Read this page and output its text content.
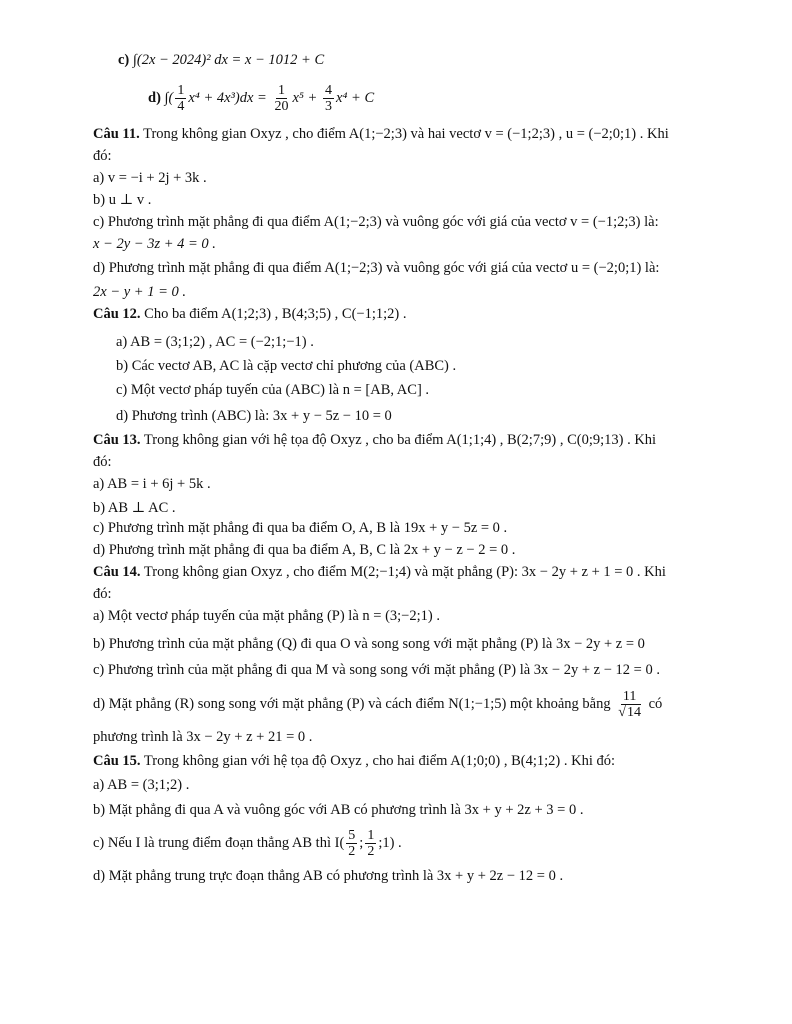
c) ∫(2x − 2024)² dx = x − 1012 + C
d) ∫( $\frac{1}{4} x^4 + 4x^3)dx = \frac{1}{20} x^5 + \frac{4}{3} x^4 + C$
Câu 11. Trong không gian Oxyz , cho điểm A(1;−2;3) và hai vectơ v = (−1;2;3) , u = (−2;0;1) . Khi
đó:
a) v = −i + 2j + 3k .
b) u ⊥ v .
c) Phương trình mặt phẳng đi qua điểm A(1;−2;3) và vuông góc với giá của vectơ v = (−1;2;3) là:
x − 2y − 3z + 4 = 0 .
d) Phương trình mặt phẳng đi qua điểm A(1;−2;3) và vuông góc với giá của vectơ u = (−2;0;1) là:
2x − y + 1 = 0 .
Câu 12. Cho ba điểm A(1;2;3) , B(4;3;5) , C(−1;1;2) .
a) AB = (3;1;2) , AC = (−2;1;−1) .
b) Các vectơ AB, AC là cặp vectơ chỉ phương của (ABC) .
c) Một vectơ pháp tuyến của (ABC) là n = [AB, AC] .
d) Phương trình (ABC) là: 3x + y − 5z − 10 = 0
Câu 13. Trong không gian với hệ tọa độ Oxyz , cho ba điểm A(1;1;4) , B(2;7;9) , C(0;9;13) . Khi
đó:
a) AB = i + 6j + 5k .
b) AB ⊥ AC .
c) Phương trình mặt phẳng đi qua ba điểm O, A, B là 19x + y − 5z = 0 .
d) Phương trình mặt phẳng đi qua ba điểm A, B, C là 2x + y − z − 2 = 0 .
Câu 14. Trong không gian Oxyz , cho điểm M(2;−1;4) và mặt phẳng (P): 3x − 2y + z + 1 = 0 . Khi
đó:
a) Một vectơ pháp tuyến của mặt phẳng (P) là n = (3;−2;1) .
b) Phương trình của mặt phẳng (Q) đi qua O và song song với mặt phẳng (P) là 3x − 2y + z = 0
c) Phương trình của mặt phẳng đi qua M và song song với mặt phẳng (P) là 3x − 2y + z − 12 = 0 .
d) Mặt phẳng (R) song song với mặt phẳng (P) và cách điểm N(1;−1;5) một khoảng bằng $\frac{11}{√14}$ có
phương trình là 3x − 2y + z + 21 = 0 .
Câu 15. Trong không gian với hệ tọa độ Oxyz , cho hai điểm A(1;0;0) , B(4;1;2) . Khi đó:
a) AB = (3;1;2) .
b) Mặt phẳng đi qua A và vuông góc với AB có phương trình là 3x + y + 2z + 3 = 0 .
c) Nếu I là trung điểm đoạn thẳng AB thì $I( \frac{5}{2}$ ; $\frac{1}{2}$ ;1) .
d) Mặt phẳng trung trực đoạn thẳng AB có phương trình là 3x + y + 2z − 12 = 0 .
